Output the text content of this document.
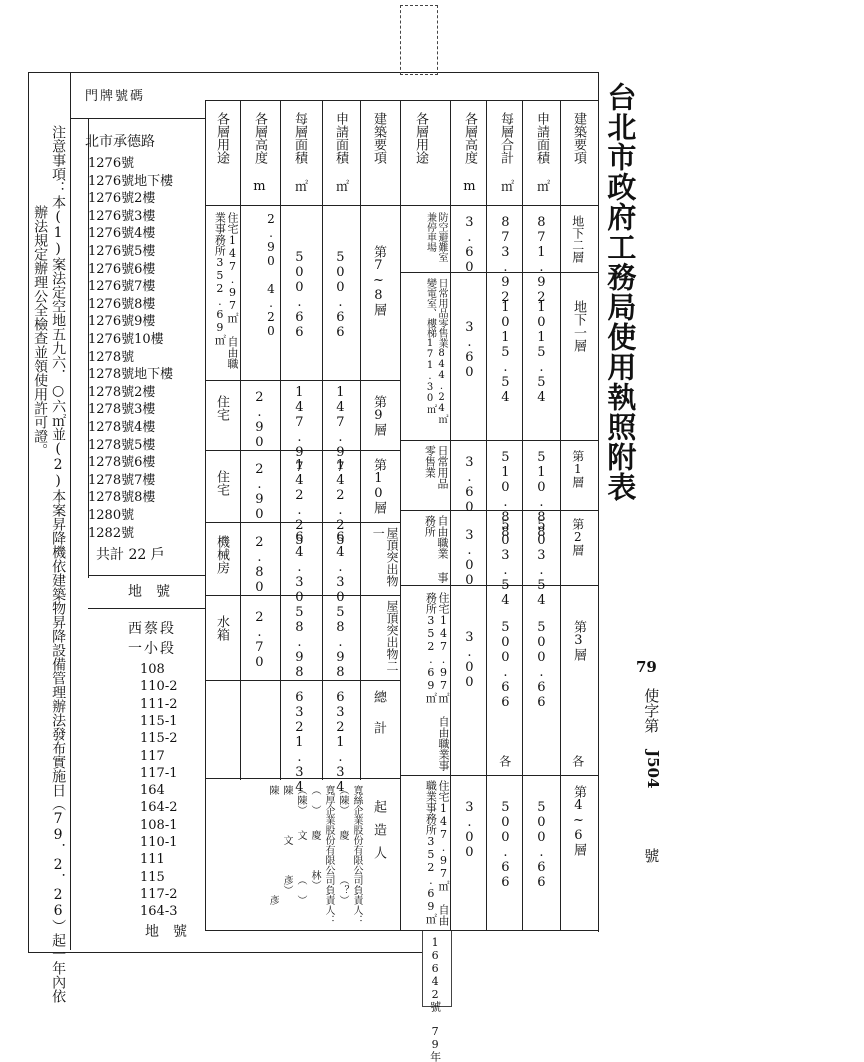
台北市政府工務局使用執照附表
79
使字第
J504
號
16642號 79年
建築要項
申請面積 ㎡
每層合計 ㎡
各層高度 m
各層用途
地下二層
871.92
873.92
3.60
防空避難室 兼停車場
地下一層
1015.54
1015.54
3.60
日常用品零售業844.24㎡ 變電室、樓梯171.30㎡
第1層
510.88
510.88
3.60
日常用品 零售業
第2層
503.54
503.54
3.00
自由職業 事務所
第3層
500.66
500.66
3.00
住宅147.97㎡ 自由職業事務所352.69㎡
第4~6層
各
各
500.66
500.66
3.00
住宅147.97㎡ 自由職業事務所352.69㎡
建築要項
申請面積 ㎡
每層面積 ㎡
各層高度 m
各層用途
第7~8層
500.66
500.66
2.90 4.20
住宅147.97㎡ 自由職業事務所352.69㎡
第9層
147.97
147.97
2.90
住宅
第10層
142.25
142.25
2.90
住宅
屋頂突出物一
64.30
64.30
2.80
機械房
屋頂突出物二
58.98
58.98
2.70
水箱
總計
6321.34
6321.34
起造人
寬絲企業股份有限公司負責人：
（陳）　　慶　　　　（？）
寬厚企業股份有限公司負責人：
（　）　　慶　　　林）
（陳）　　文　　　　（　）
陳　　　　文　　　彥）
陳　　　　　　　　　　彥
門牌號碼
北市承德路
1276號
1276號地下樓
1276號2樓
1276號3樓
1276號4樓
1276號5樓
1276號6樓
1276號7樓
1276號8樓
1276號9樓
1276號10樓
1278號
1278號地下樓
1278號2樓
1278號3樓
1278號4樓
1278號5樓
1278號6樓
1278號7樓
1278號8樓
1280號
1282號
共計 22 戶
地　號
西蔡段
一小段
108
110-2
111-2
115-1
115-2
117
117-1
164
164-2
108-1
110-1
111
115
117-2
164-3
地　號
注意事項：本(1)案法定空地五九六．○六㎡並(2)本案昇降機依建築物昇降設備管理辦法發布實施日（79．2．26）起一年內依
辦法規定辦理公全檢查並領使用許可證。
